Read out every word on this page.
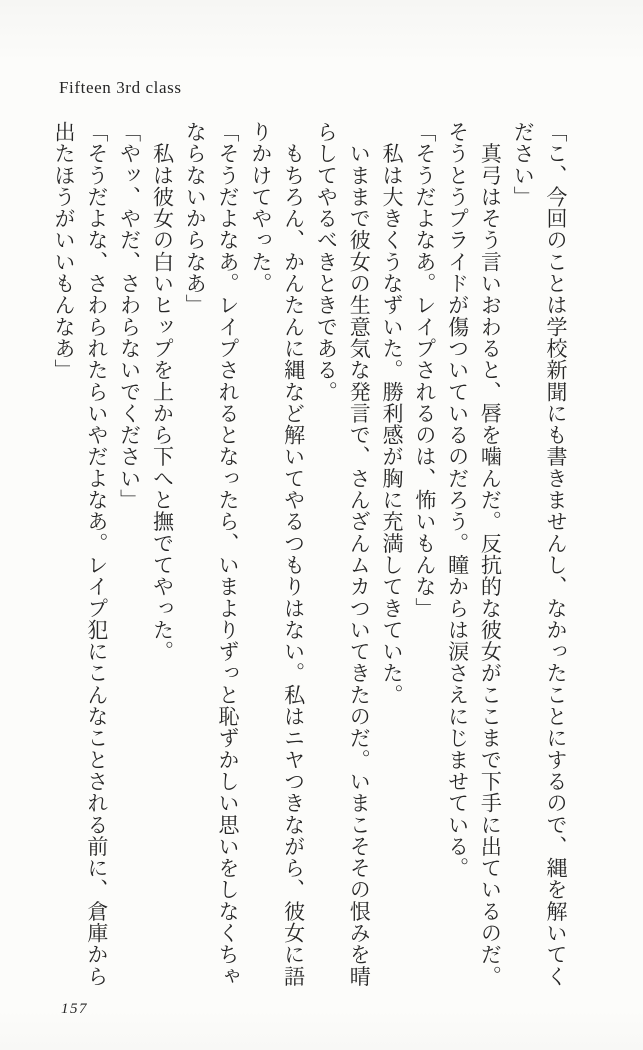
Fifteen 3rd class
「こ、今回のことは学校新聞にも書きませんし、なかったことにするので、縄を解いてく
ださい」
　真弓はそう言いおわると、唇を噛んだ。反抗的な彼女がここまで下手に出ているのだ。
そうとうプライドが傷ついているのだろう。瞳からは涙さえにじませている。
「そうだよなあ。レイプされるのは、怖いもんな」
　私は大きくうなずいた。勝利感が胸に充満してきていた。
　いままで彼女の生意気な発言で、さんざんムカついてきたのだ。いまこそその恨みを晴
らしてやるべきときである。
　もちろん、かんたんに縄など解いてやるつもりはない。私はニヤつきながら、彼女に語
りかけてやった。
「そうだよなあ。レイプされるとなったら、いまよりずっと恥ずかしい思いをしなくちゃ
ならないからなあ」
　私は彼女の白いヒップを上から下へと撫でてやった。
「やッ、やだ、さわらないでください」
「そうだよな、さわられたらいやだよなあ。レイプ犯にこんなことされる前に、倉庫から
出たほうがいいもんなあ」
157
